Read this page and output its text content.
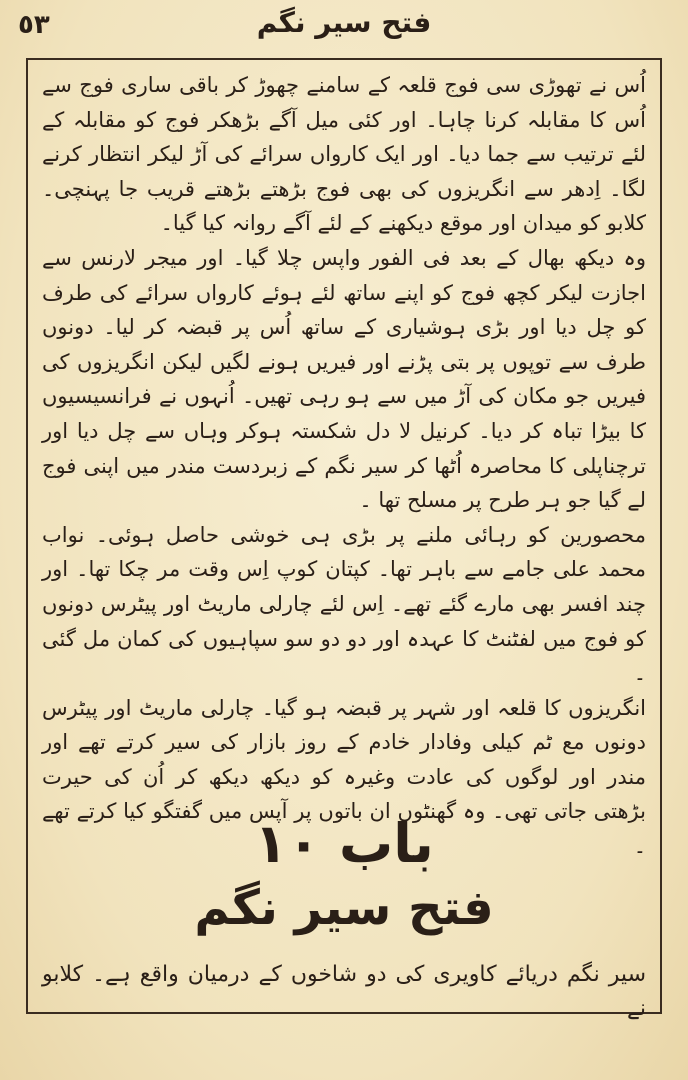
٥٣	فتح سیر نگم

اُس نے تھوڑی سی فوج قلعہ کے سامنے چھوڑ کر باقی ساری فوج سے اُس کا مقابلہ کرنا چاہا۔ اور کئی میل آگے بڑھکر فوج کو مقابلہ کے لئے ترتیب سے جما دیا۔ اور ایک کارواں سرائے کی آڑ لیکر انتظار کرنے لگا۔ اِدھر سے انگریزوں کی بھی فوج بڑھتے بڑھتے قریب جا پہنچی۔ کلابو کو میدان اور موقع دیکھنے کے لئے آگے روانہ کیا گیا۔

وہ دیکھ بھال کے بعد فی الفور واپس چلا گیا۔ اور میجر لارنس سے اجازت لیکر کچھ فوج کو اپنے ساتھ لئے ہوئے کارواں سرائے کی طرف کو چل دیا اور بڑی ہوشیاری کے ساتھ اُس پر قبضہ کر لیا۔ دونوں طرف سے توپوں پر بتی پڑنے اور فیریں ہونے لگیں لیکن انگریزوں کی فیریں جو مکان کی آڑ میں سے ہو رہی تھیں۔ اُنہوں نے فرانسیسیوں کا بیڑا تباہ کر دیا۔ کرنیل لا دل شکستہ ہوکر وہاں سے چل دیا اور ترچناپلی کا محاصرہ اُٹھا کر سیر نگم کے زبردست مندر میں اپنی فوج لے گیا جو ہر طرح پر مسلح تھا ۔

محصورین کو رہائی ملنے پر بڑی ہی خوشی حاصل ہوئی۔ نواب محمد علی جامے سے باہر تھا۔ کپتان کوپ اِس وقت مر چکا تھا۔ اور چند افسر بھی مارے گئے تھے۔ اِس لئے چارلی ماریٹ اور پیٹرس دونوں کو فوج میں لفٹنٹ کا عہدہ اور دو دو سو سپاہیوں کی کمان مل گئی ۔

انگریزوں کا قلعہ اور شہر پر قبضہ ہو گیا۔ چارلی ماریٹ اور پیٹرس دونوں مع ٹم کیلی وفادار خادم کے روز بازار کی سیر کرتے تھے اور مندر اور لوگوں کی عادت وغیرہ کو دیکھ دیکھ کر اُن کی حیرت بڑھتی جاتی تھی۔ وہ گھنٹوں ان باتوں پر آپس میں گفتگو کیا کرتے تھے ۔

باب ١٠

فتح سیر نگم

سیر نگم دریائے کاویری کی دو شاخوں کے درمیان واقع ہے۔ کلابو نے
